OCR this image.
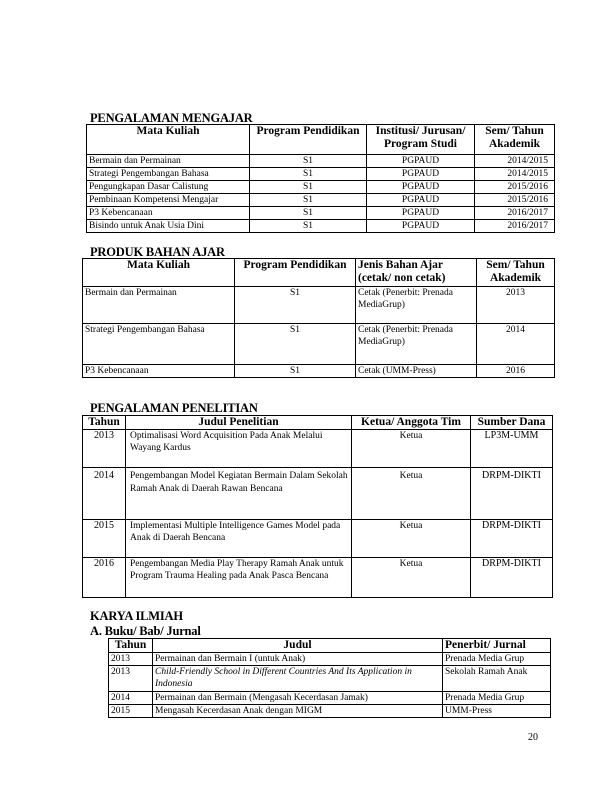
PENGALAMAN MENGAJAR
Mata Kuliah	Program Pendidikan	Institusi/ Jurusan/ Program Studi	Sem/ Tahun Akademik
Bermain dan Permainan	S1	PGPAUD	2014/2015
Strategi Pengembangan Bahasa	S1	PGPAUD	2014/2015
Pengungkapan Dasar Calistung	S1	PGPAUD	2015/2016
Pembinaan Kompetensi Mengajar	S1	PGPAUD	2015/2016
P3 Kebencanaan	S1	PGPAUD	2016/2017
Bisindo untuk Anak Usia Dini	S1	PGPAUD	2016/2017
PRODUK BAHAN AJAR
Mata Kuliah	Program Pendidikan	Jenis Bahan Ajar (cetak/ non cetak)	Sem/ Tahun Akademik
Bermain dan Permainan	S1	Cetak (Penerbit: Prenada MediaGrup)	2013
Strategi Pengembangan Bahasa	S1	Cetak (Penerbit: Prenada MediaGrup)	2014
P3 Kebencanaan	S1	Cetak (UMM-Press)	2016
PENGALAMAN PENELITIAN
Tahun	Judul Penelitian	Ketua/ Anggota Tim	Sumber Dana
2013	Optimalisasi Word Acquisition Pada Anak Melalui Wayang Kardus	Ketua	LP3M-UMM
2014	Pengembangan Model Kegiatan Bermain Dalam Sekolah Ramah Anak di Daerah Rawan Bencana	Ketua	DRPM-DIKTI
2015	Implementasi Multiple Intelligence Games Model pada Anak di Daerah Bencana	Ketua	DRPM-DIKTI
2016	Pengembangan Media Play Therapy Ramah Anak untuk Program Trauma Healing pada Anak Pasca Bencana	Ketua	DRPM-DIKTI
KARYA ILMIAH
A. Buku/ Bab/ Jurnal
Tahun	Judul	Penerbit/ Jurnal
2013	Permainan dan Bermain I (untuk Anak)	Prenada Media Grup
2013	Child-Friendly School in Different Countries And Its Application in Indonesia	Sekolah Ramah Anak
2014	Permainan dan Bermain (Mengasah Kecerdasan Jamak)	Prenada Media Grup
2015	Mengasah Kecerdasan Anak dengan MIGM	UMM-Press
20
